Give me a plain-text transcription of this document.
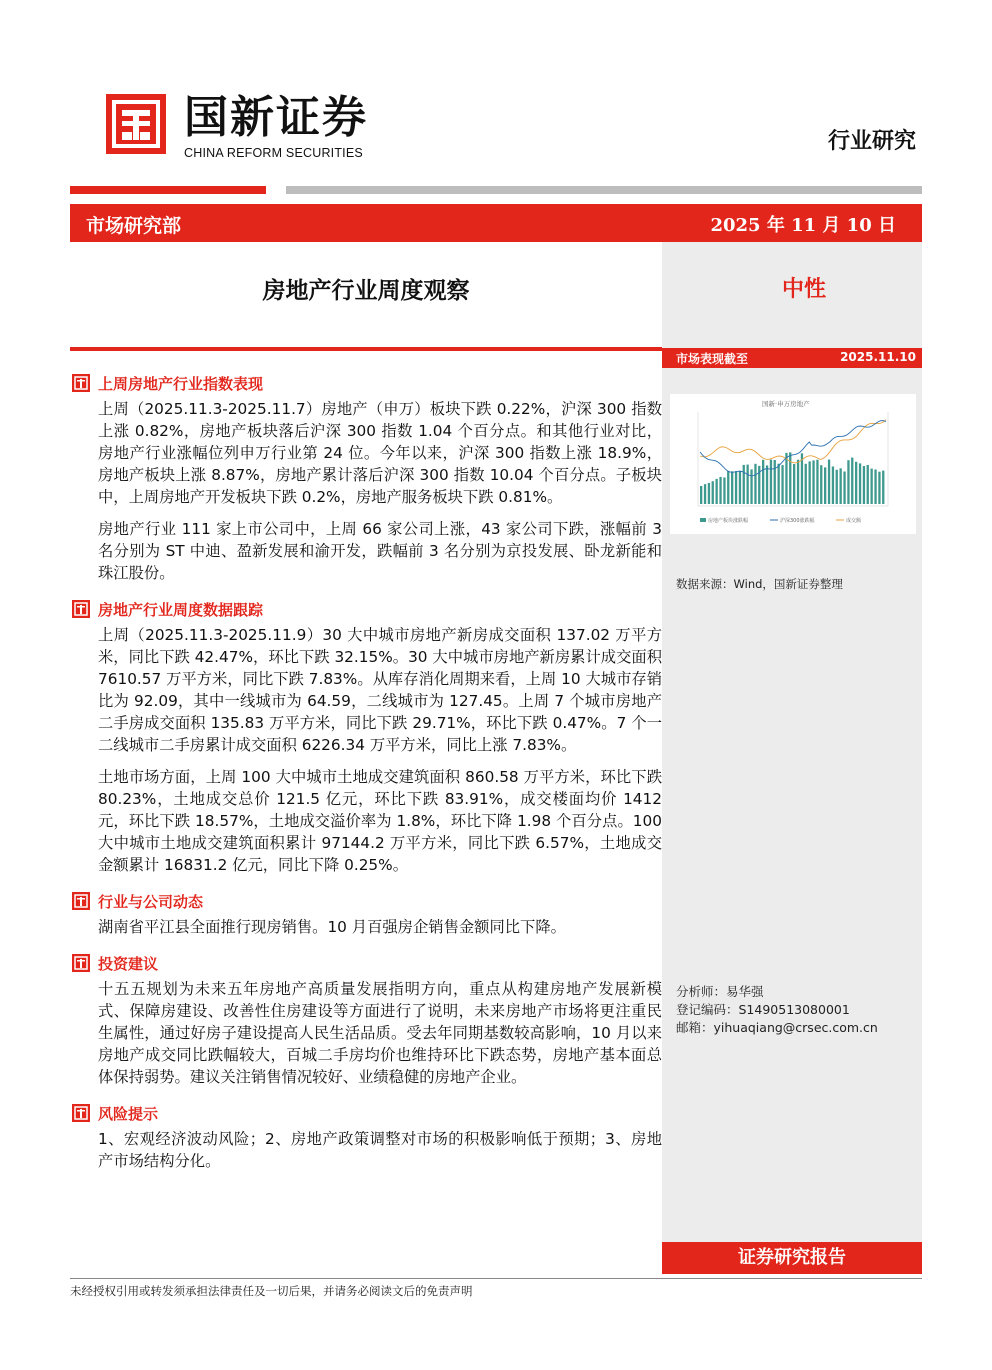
国新证券
CHINA REFORM SECURITIES	行业研究
市场研究部	2025 年 11 月 10 日
中性
市场表现截至	2025.11.10
国新·申万房地产
房地产板块涨跌幅	沪深300涨跌幅	成交额
数据来源：Wind，国新证券整理
分析师：易华强
登记编码：S1490513080001
邮箱：yihuaqiang@crsec.com.cn
证券研究报告
房地产行业周度观察
上周房地产行业指数表现

上周（2025.11.3-2025.11.7）房地产（申万）板块下跌 0.22%，沪深 300 指数上涨 0.82%，房地产板块落后沪深 300 指数 1.04 个百分点。和其他行业对比，房地产行业涨幅位列申万行业第 24 位。今年以来，沪深 300 指数上涨 18.9%，房地产板块上涨 8.87%，房地产累计落后沪深 300 指数 10.04 个百分点。子板块中，上周房地产开发板块下跌 0.2%，房地产服务板块下跌 0.81%。

房地产行业 111 家上市公司中，上周 66 家公司上涨，43 家公司下跌，涨幅前 3 名分别为 ST 中迪、盈新发展和渝开发，跌幅前 3 名分别为京投发展、卧龙新能和珠江股份。

房地产行业周度数据跟踪

上周（2025.11.3-2025.11.9）30 大中城市房地产新房成交面积 137.02 万平方米，同比下跌 42.47%，环比下跌 32.15%。30 大中城市房地产新房累计成交面积 7610.57 万平方米，同比下跌 7.83%。从库存消化周期来看，上周 10 大城市存销比为 92.09，其中一线城市为 64.59，二线城市为 127.45。上周 7 个城市房地产二手房成交面积 135.83 万平方米，同比下跌 29.71%，环比下跌 0.47%。7 个一二线城市二手房累计成交面积 6226.34 万平方米，同比上涨 7.83%。

土地市场方面，上周 100 大中城市土地成交建筑面积 860.58 万平方米，环比下跌 80.23%，土地成交总价 121.5 亿元，环比下跌 83.91%，成交楼面均价 1412 元，环比下跌 18.57%，土地成交溢价率为 1.8%，环比下降 1.98 个百分点。100 大中城市土地成交建筑面积累计 97144.2 万平方米，同比下跌 6.57%，土地成交金额累计 16831.2 亿元，同比下降 0.25%。

行业与公司动态

湖南省平江县全面推行现房销售。10 月百强房企销售金额同比下降。

投资建议

十五五规划为未来五年房地产高质量发展指明方向，重点从构建房地产发展新模式、保障房建设、改善性住房建设等方面进行了说明，未来房地产市场将更注重民生属性，通过好房子建设提高人民生活品质。受去年同期基数较高影响，10 月以来房地产成交同比跌幅较大，百城二手房均价也维持环比下跌态势，房地产基本面总体保持弱势。建议关注销售情况较好、业绩稳健的房地产企业。

风险提示

1、宏观经济波动风险；2、房地产政策调整对市场的积极影响低于预期；3、房地产市场结构分化。

未经授权引用或转发须承担法律责任及一切后果，并请务必阅读文后的免责声明
